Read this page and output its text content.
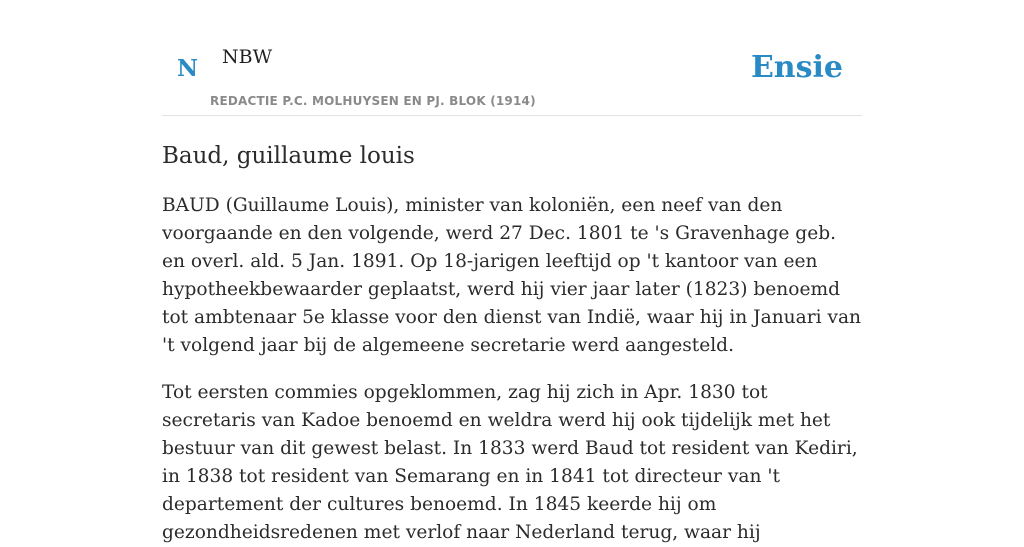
N NBW
REDACTIE P.C. MOLHUYSEN EN PJ. BLOK (1914)
Ensie
Baud, guillaume louis

BAUD (Guillaume Louis), minister van koloniën, een neef van den voorgaande en den volgende, werd 27 Dec. 1801 te 's Gravenhage geb. en overl. ald. 5 Jan. 1891. Op 18-jarigen leeftijd op 't kantoor van een hypotheekbewaarder geplaatst, werd hij vier jaar later (1823) benoemd tot ambtenaar 5e klasse voor den dienst van Indië, waar hij in Januari van 't volgend jaar bij de algemeene secretarie werd aangesteld.

Tot eersten commies opgeklommen, zag hij zich in Apr. 1830 tot secretaris van Kadoe benoemd en weldra werd hij ook tijdelijk met het bestuur van dit gewest belast. In 1833 werd Baud tot resident van Kediri, in 1838 tot resident van Semarang en in 1841 tot directeur van 't departement der cultures benoemd. In 1845 keerde hij om gezondheidsredenen met verlof naar Nederland terug, waar hij
